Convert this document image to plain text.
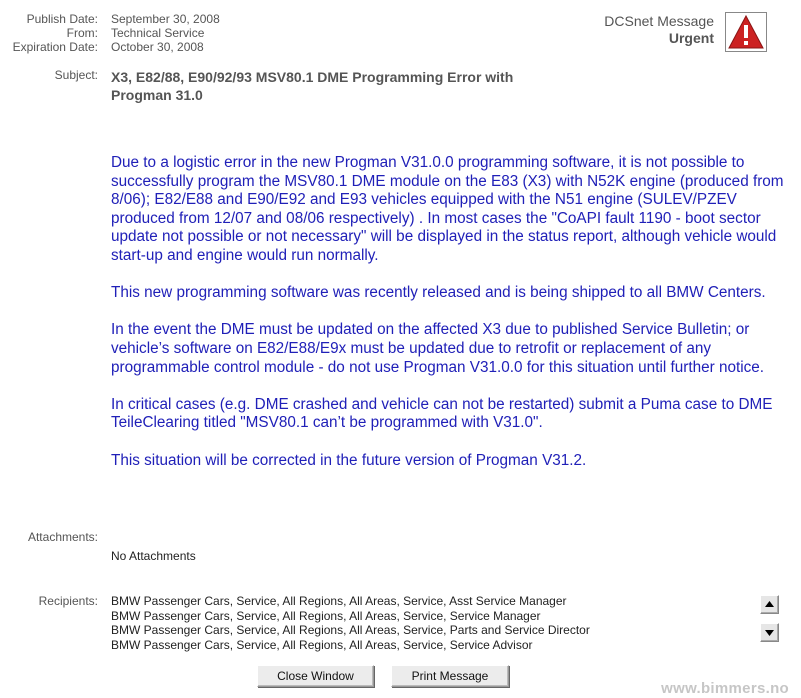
Publish Date: September 30, 2008
From: Technical Service
Expiration Date: October 30, 2008
Subject: X3, E82/88, E90/92/93 MSV80.1 DME Programming Error with Progman 31.0
DCSnet Message
Urgent

Due to a logistic error in the new Progman V31.0.0 programming software, it is not possible to successfully program the MSV80.1 DME module on the E83 (X3) with N52K engine (produced from 8/06); E82/E88 and E90/E92 and E93 vehicles equipped with the N51 engine (SULEV/PZEV produced from 12/07 and 08/06 respectively) . In most cases the "CoAPI fault 1190 - boot sector update not possible or not necessary" will be displayed in the status report, although vehicle would start-up and engine would run normally.

This new programming software was recently released and is being shipped to all BMW Centers.

In the event the DME must be updated on the affected X3 due to published Service Bulletin; or vehicle’s software on E82/E88/E9x must be updated due to retrofit or replacement of any programmable control module - do not use Progman V31.0.0 for this situation until further notice.

In critical cases (e.g. DME crashed and vehicle can not be restarted) submit a Puma case to DME TeileClearing titled "MSV80.1 can’t be programmed with V31.0".

This situation will be corrected in the future version of Progman V31.2.

Attachments:
No Attachments
Recipients: BMW Passenger Cars, Service, All Regions, All Areas, Service, Asst Service Manager
BMW Passenger Cars, Service, All Regions, All Areas, Service, Service Manager
BMW Passenger Cars, Service, All Regions, All Areas, Service, Parts and Service Director
BMW Passenger Cars, Service, All Regions, All Areas, Service, Service Advisor
Close Window	Print Message
www.bimmers.no
